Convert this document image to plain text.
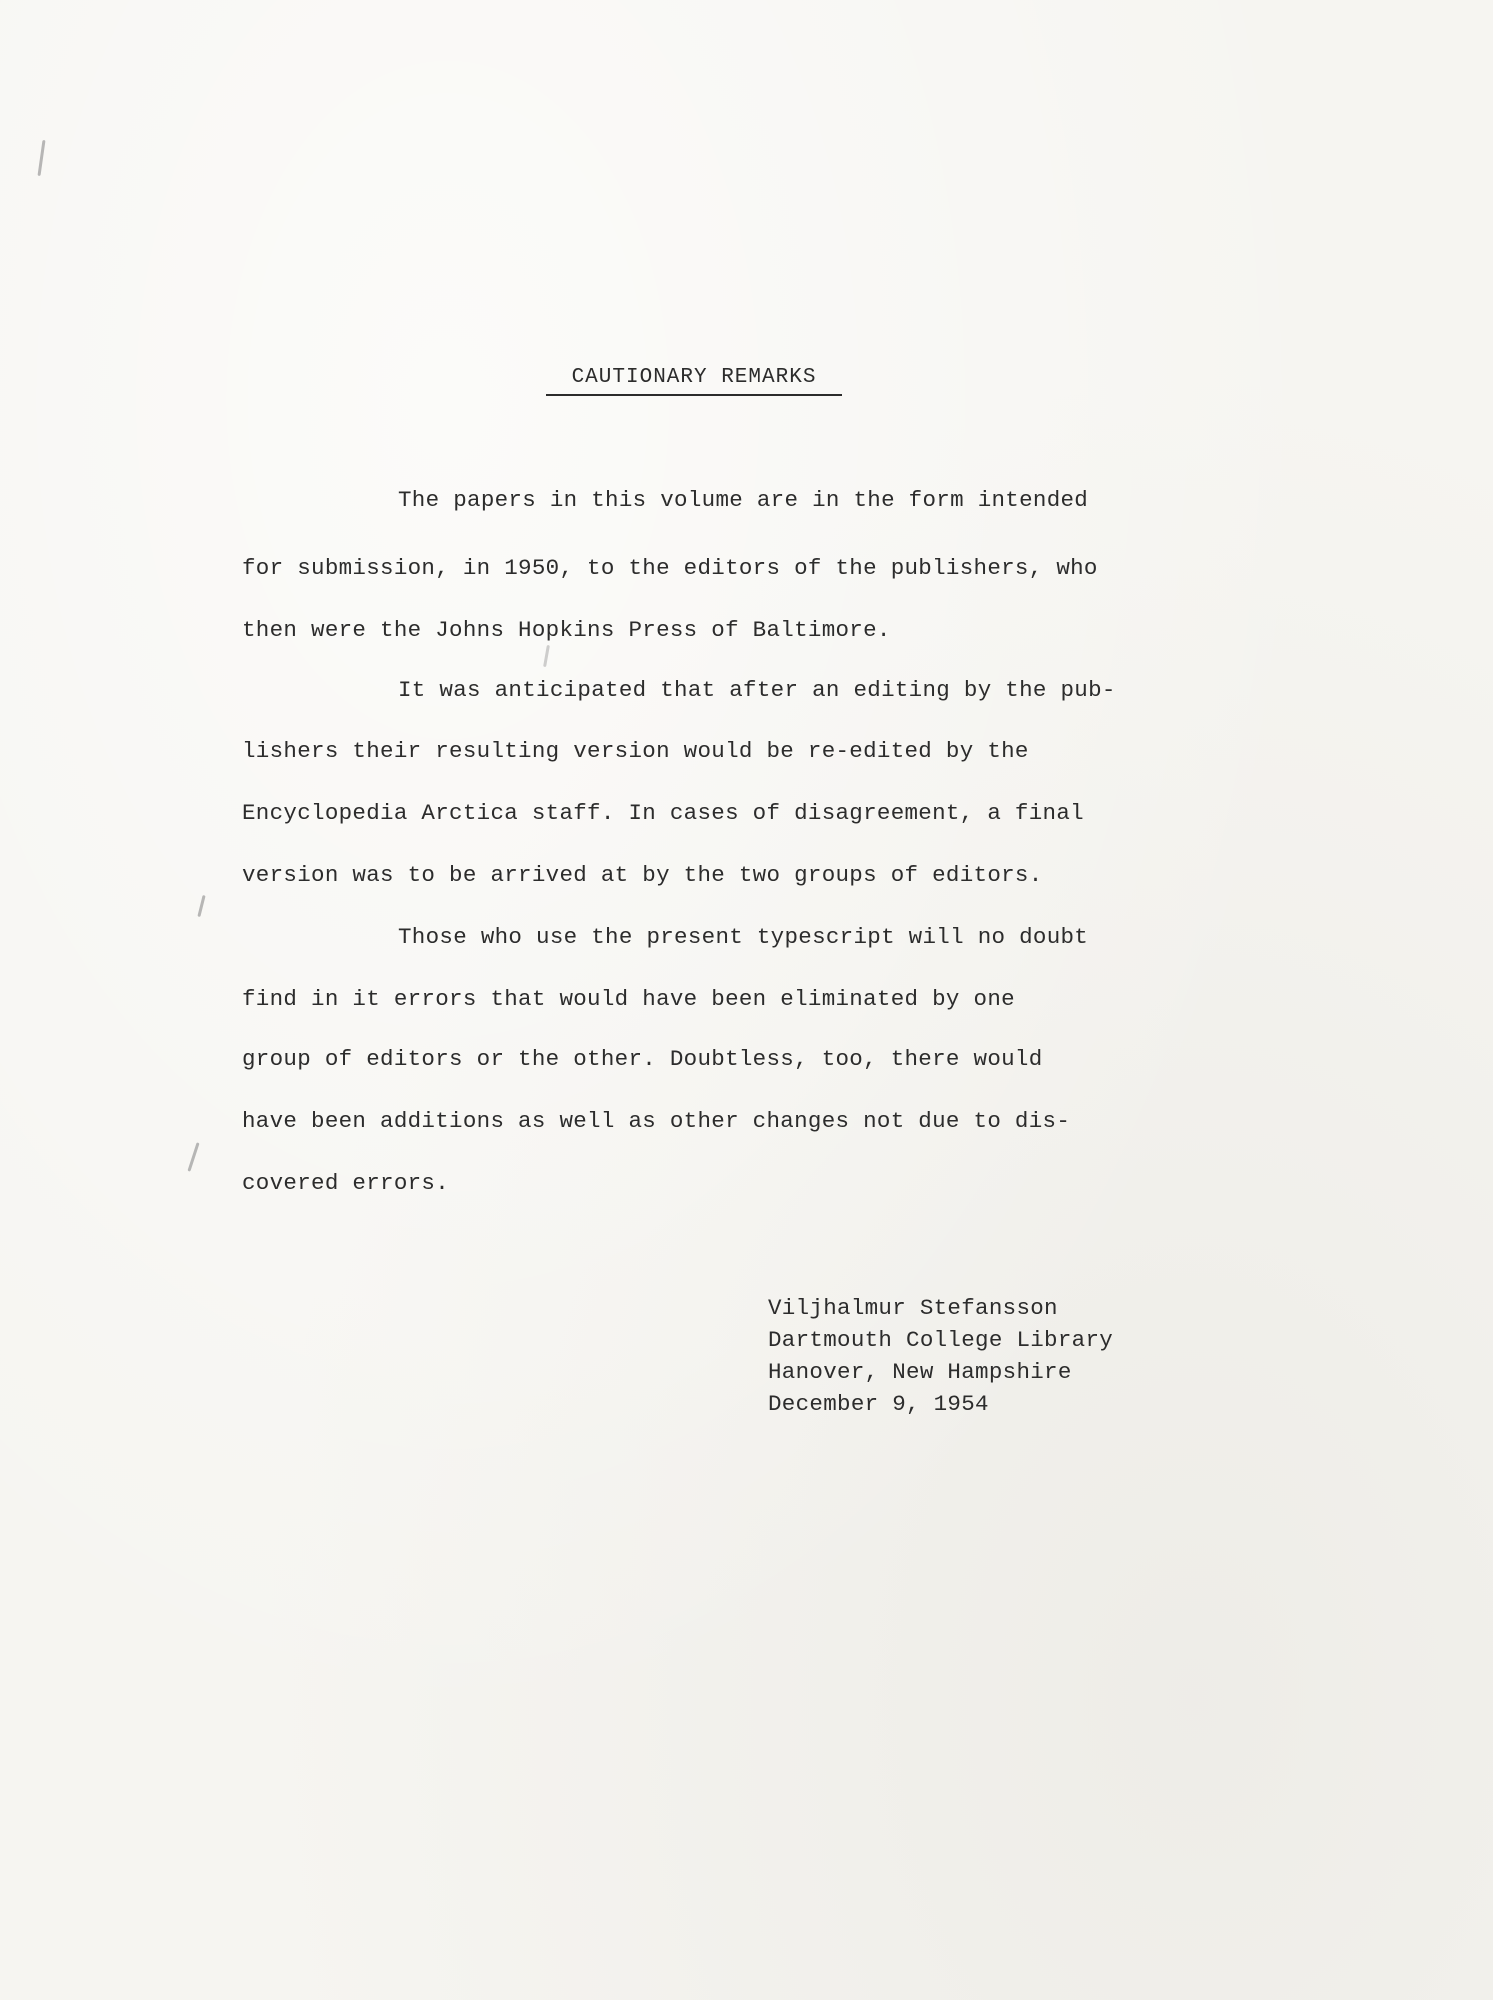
CAUTIONARY REMARKS
The papers in this volume are in the form intended
for submission, in 1950, to the editors of the publishers, who
then were the Johns Hopkins Press of Baltimore.
It was anticipated that after an editing by the pub-
lishers their resulting version would be re-edited by the
Encyclopedia Arctica staff. In cases of disagreement, a final
version was to be arrived at by the two groups of editors.
Those who use the present typescript will no doubt
find in it errors that would have been eliminated by one
group of editors or the other. Doubtless, too, there would
have been additions as well as other changes not due to dis-
covered errors.
Viljhalmur Stefansson
Dartmouth College Library
Hanover, New Hampshire
December 9, 1954
